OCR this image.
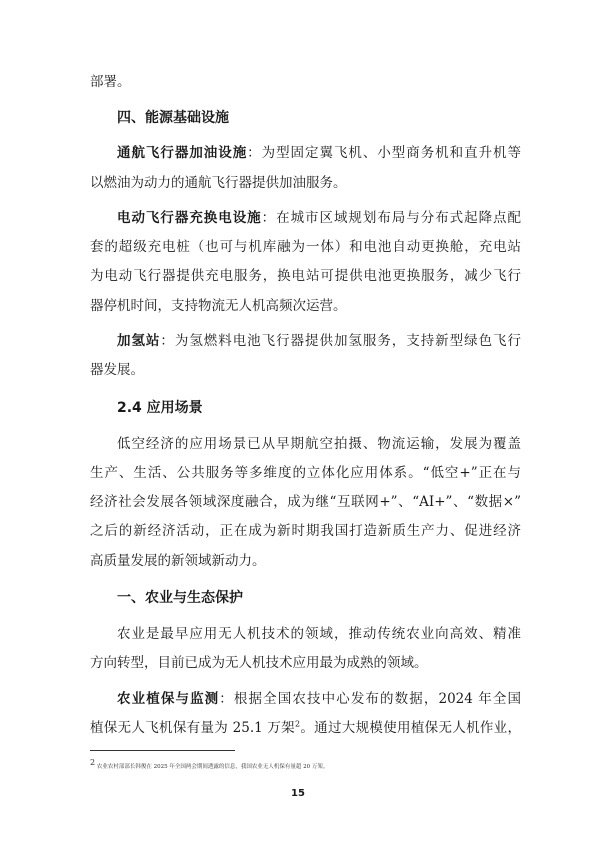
部署。

四、能源基础设施

通航飞行器加油设施：为型固定翼飞机、小型商务机和直升机等

以燃油为动力的通航飞行器提供加油服务。

电动飞行器充换电设施：在城市区域规划布局与分布式起降点配

套的超级充电桩（也可与机库融为一体）和电池自动更换舱，充电站

为电动飞行器提供充电服务，换电站可提供电池更换服务，减少飞行

器停机时间，支持物流无人机高频次运营。

加氢站：为氢燃料电池飞行器提供加氢服务，支持新型绿色飞行

器发展。

2.4 应用场景

低空经济的应用场景已从早期航空拍摄、物流运输，发展为覆盖

生产、生活、公共服务等多维度的立体化应用体系。“低空+”正在与

经济社会发展各领域深度融合，成为继“互联网+”、“AI+”、“数据×”

之后的新经济活动，正在成为新时期我国打造新质生产力、促进经济

高质量发展的新领域新动力。

一、农业与生态保护

农业是最早应用无人机技术的领域，推动传统农业向高效、精准

方向转型，目前已成为无人机技术应用最为成熟的领域。

农业植保与监测：根据全国农技中心发布的数据，2024 年全国

植保无人飞机保有量为 25.1 万架$^2$。通过大规模使用植保无人机作业，

$^2$ 农业农村部部长韩俊在 2025 年全国两会期间透露的信息，我国农业无人机保有量超 20 万架。

15
